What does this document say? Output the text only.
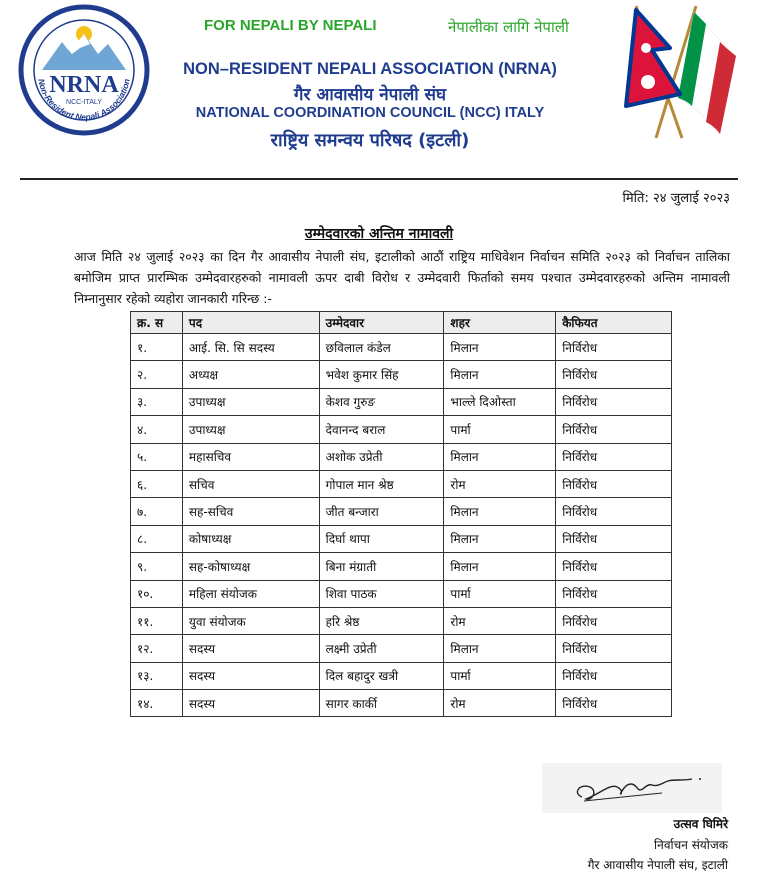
NRNA
NCC-ITALY
Non-Resident Nepali Association
FOR NEPALI BY NEPALI	नेपालीका लागि नेपाली
NON–RESIDENT NEPALI ASSOCIATION (NRNA)
गैर आवासीय नेपाली संघ
NATIONAL COORDINATION COUNCIL (NCC) ITALY
राष्ट्रिय समन्वय परिषद (इटली)
मिति: २४ जुलाई २०२३
उम्मेदवारको अन्तिम नामावली
आज मिति २४ जुलाई २०२३ का दिन गैर आवासीय नेपाली संघ, इटालीको आठौं राष्ट्रिय माधिवेशन निर्वाचन समिति २०२३ को निर्वाचन तालिका बमोजिम प्राप्त प्रारम्भिक उम्मेदवारहरुको नामावली ऊपर दाबी विरोध र उम्मेदवारी फिर्ताको समय पश्चात उम्मेदवारहरुको अन्तिम नामावली निम्नानुसार रहेको व्यहोरा जानकारी गरिन्छ :-
क्र. स	पद	उम्मेदवार	शहर	कैफियत
१.	आई. सि. सि सदस्य	छविलाल कंडेल	मिलान	निर्विरोध
२.	अध्यक्ष	भवेश कुमार सिंह	मिलान	निर्विरोध
३.	उपाध्यक्ष	केशव गुरुङ	भाल्ले दिओस्ता	निर्विरोध
४.	उपाध्यक्ष	देवानन्द बराल	पार्मा	निर्विरोध
५.	महासचिव	अशोक उप्रेती	मिलान	निर्विरोध
६.	सचिव	गोपाल मान श्रेष्ठ	रोम	निर्विरोध
७.	सह-सचिव	जीत बन्जारा	मिलान	निर्विरोध
८.	कोषाध्यक्ष	दिर्घा थापा	मिलान	निर्विरोध
९.	सह-कोषाध्यक्ष	बिना मंग्राती	मिलान	निर्विरोध
१०.	महिला संयोजक	शिवा पाठक	पार्मा	निर्विरोध
११.	युवा संयोजक	हरि श्रेष्ठ	रोम	निर्विरोध
१२.	सदस्य	लक्ष्मी उप्रेती	मिलान	निर्विरोध
१३.	सदस्य	दिल बहादुर खत्री	पार्मा	निर्विरोध
१४.	सदस्य	सागर कार्की	रोम	निर्विरोध
उत्सव घिमिरे
निर्वाचन संयोजक
गैर आवासीय नेपाली संघ, इटाली
